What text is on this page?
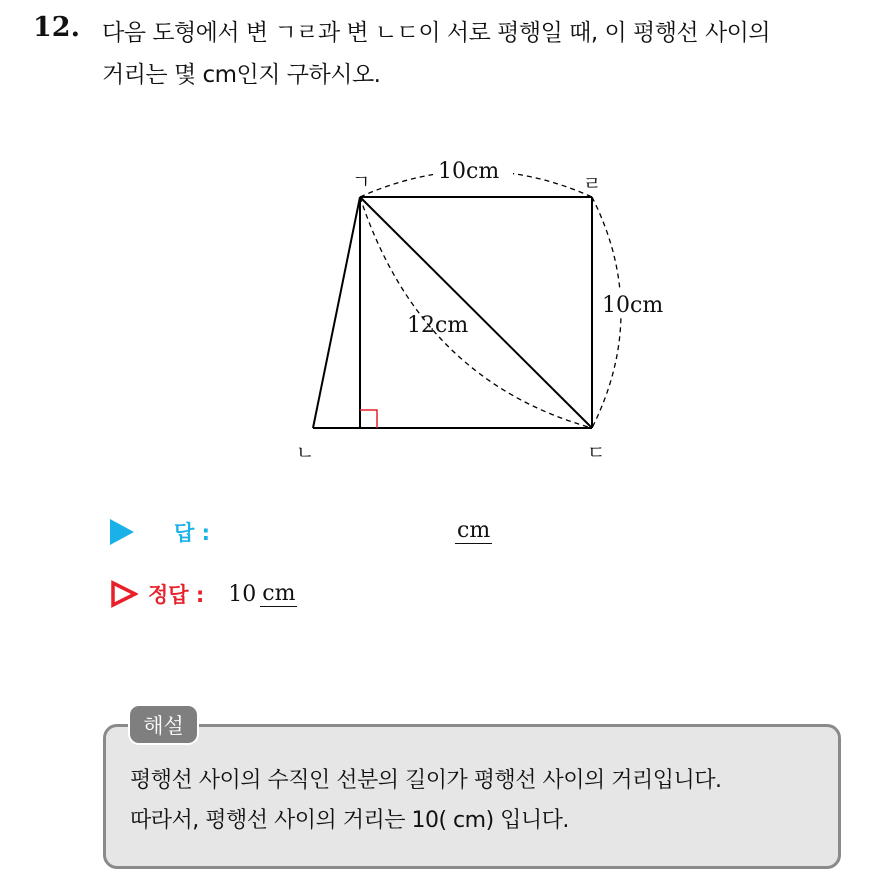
12. 다음 도형에서 변 ㄱㄹ과 변 ㄴㄷ이 서로 평행일 때, 이 평행선 사이의
거리는 몇 cm인지 구하시오.
10cm
10cm
12cm
ㄱ	ㄹ
ㄴ	ㄷ
답 :	cm
정답 : 10 cm
해설
평행선 사이의 수직인 선분의 길이가 평행선 사이의 거리입니다.
따라서, 평행선 사이의 거리는 10( cm) 입니다.
